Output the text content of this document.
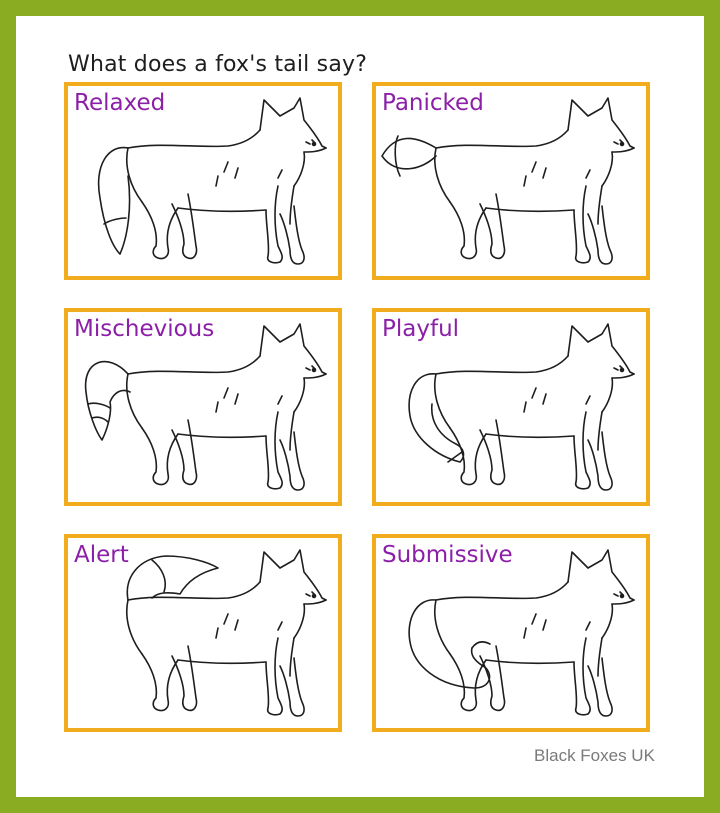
What does a fox's tail say?
Relaxed	Panicked
Mischevious	Playful
Alert	Submissive
Black Foxes UK
